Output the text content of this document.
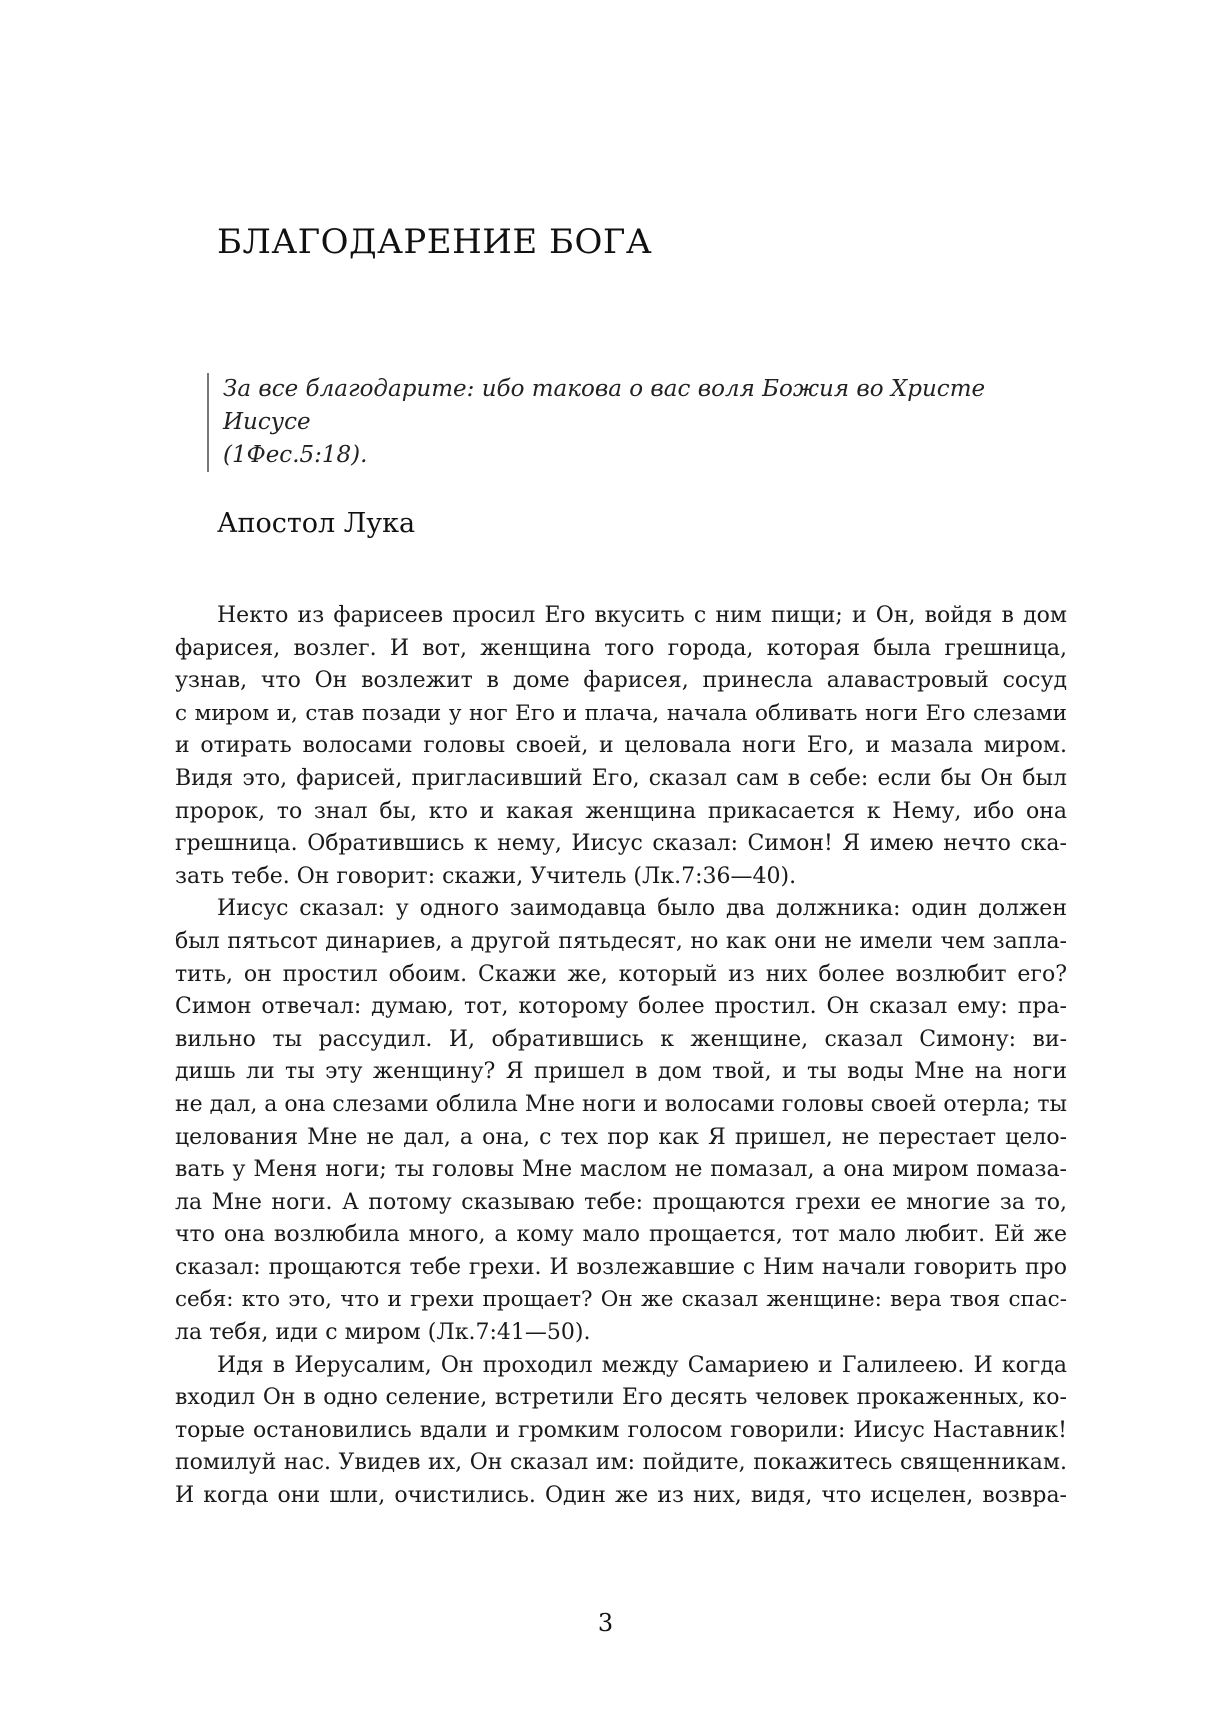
БЛАГОДАРЕНИЕ БОГА
За все благодарите: ибо такова о вас воля Божия во Христе Иисусе
(1Фес.5:18).
Апостол Лука
Некто из фарисеев просил Его вкусить с ним пищи; и Он, войдя в дом
фарисея, возлег. И вот, женщина того города, которая была грешница,
узнав, что Он возлежит в доме фарисея, принесла алавастровый сосуд
с миром и, став позади у ног Его и плача, начала обливать ноги Его слезами
и отирать волосами головы своей, и целовала ноги Его, и мазала миром.
Видя это, фарисей, пригласивший Его, сказал сам в себе: если бы Он был
пророк, то знал бы, кто и какая женщина прикасается к Нему, ибо она
грешница. Обратившись к нему, Иисус сказал: Симон! Я имею нечто ска-
зать тебе. Он говорит: скажи, Учитель (Лк.7:36—40).
Иисус сказал: у одного заимодавца было два должника: один должен
был пятьсот динариев, а другой пятьдесят, но как они не имели чем запла-
тить, он простил обоим. Скажи же, который из них более возлюбит его?
Симон отвечал: думаю, тот, которому более простил. Он сказал ему: пра-
вильно ты рассудил. И, обратившись к женщине, сказал Симону: ви-
дишь ли ты эту женщину? Я пришел в дом твой, и ты воды Мне на ноги
не дал, а она слезами облила Мне ноги и волосами головы своей отерла; ты
целования Мне не дал, а она, с тех пор как Я пришел, не перестает цело-
вать у Меня ноги; ты головы Мне маслом не помазал, а она миром помаза-
ла Мне ноги. А потому сказываю тебе: прощаются грехи ее многие за то,
что она возлюбила много, а кому мало прощается, тот мало любит. Ей же
сказал: прощаются тебе грехи. И возлежавшие с Ним начали говорить про
себя: кто это, что и грехи прощает? Он же сказал женщине: вера твоя спас-
ла тебя, иди с миром (Лк.7:41—50).
Идя в Иерусалим, Он проходил между Самариею и Галилеею. И когда
входил Он в одно селение, встретили Его десять человек прокаженных, ко-
торые остановились вдали и громким голосом говорили: Иисус Наставник!
помилуй нас. Увидев их, Он сказал им: пойдите, покажитесь священникам.
И когда они шли, очистились. Один же из них, видя, что исцелен, возвра-
3
